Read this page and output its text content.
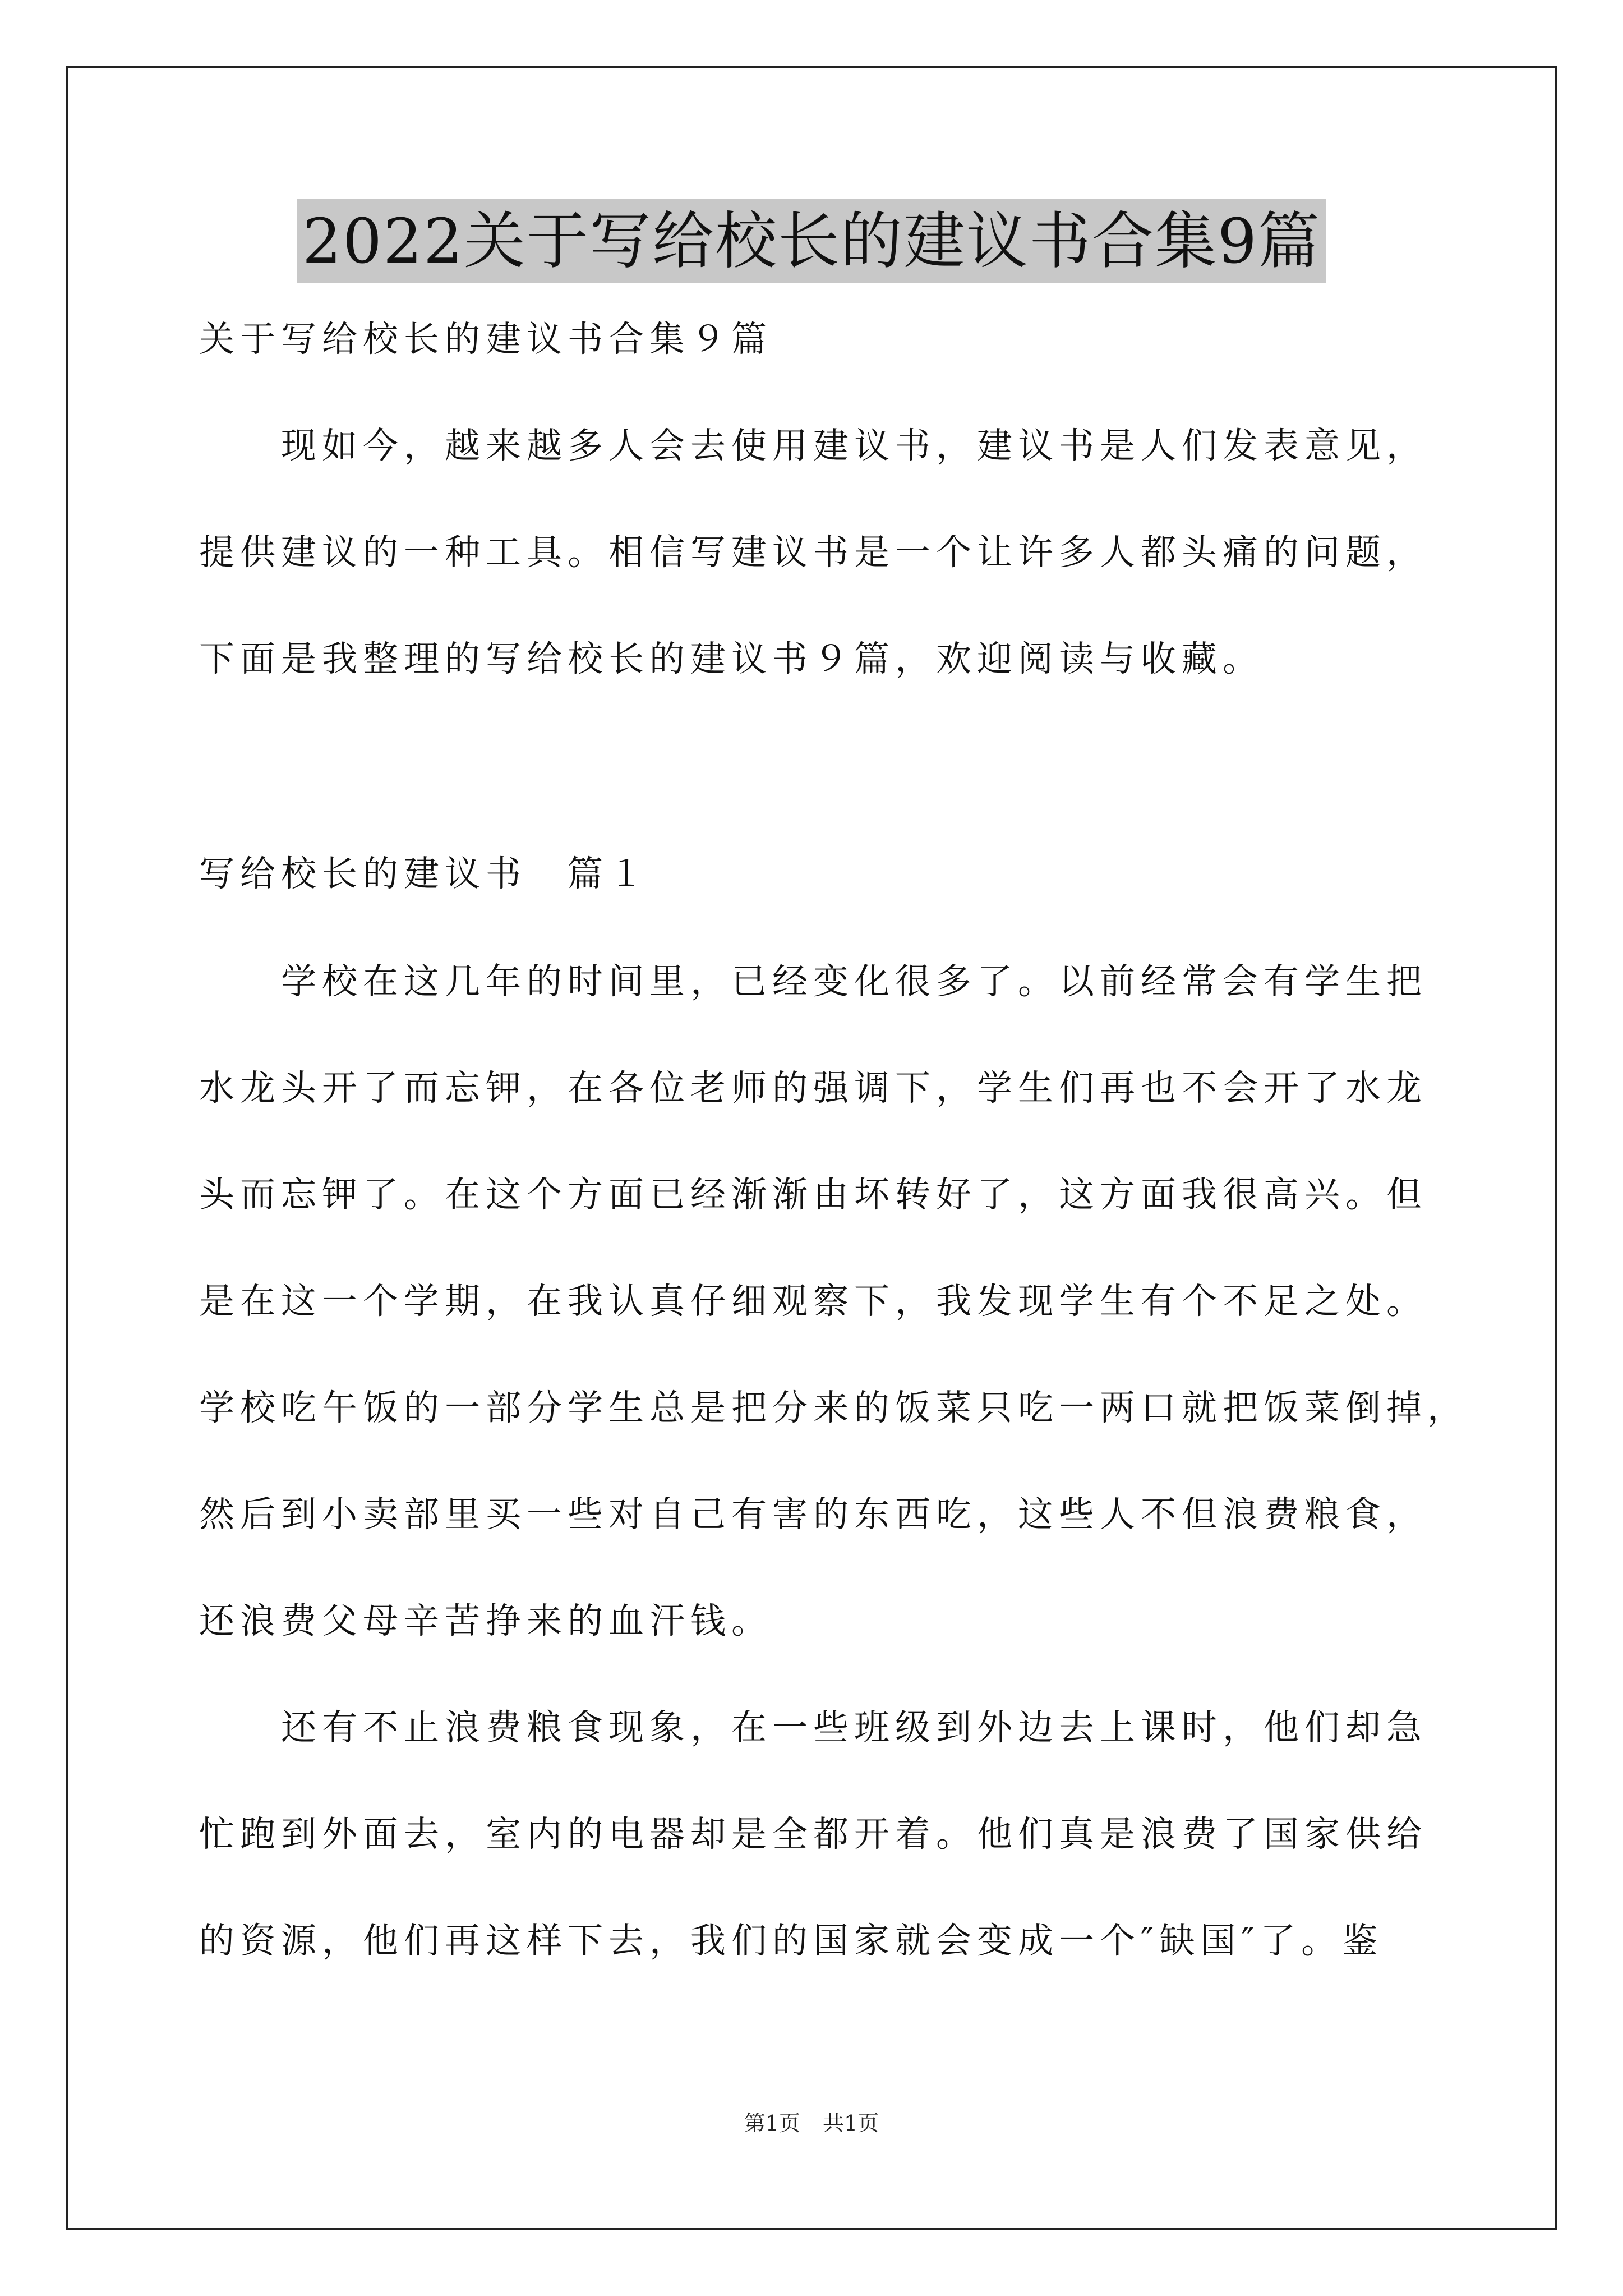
2022关于写给校长的建议书合集9篇
关于写给校长的建议书合集９篇
　　现如今，越来越多人会去使用建议书，建议书是人们发表意见，
提供建议的一种工具。相信写建议书是一个让许多人都头痛的问题，
下面是我整理的写给校长的建议书９篇，欢迎阅读与收藏。
写给校长的建议书　篇１
　　学校在这几年的时间里，已经变化很多了。以前经常会有学生把
水龙头开了而忘钾，在各位老师的强调下，学生们再也不会开了水龙
头而忘钾了。在这个方面已经渐渐由坏转好了，这方面我很高兴。但
是在这一个学期，在我认真仔细观察下，我发现学生有个不足之处。
学校吃午饭的一部分学生总是把分来的饭菜只吃一两口就把饭菜倒掉，
然后到小卖部里买一些对自己有害的东西吃，这些人不但浪费粮食，
还浪费父母辛苦挣来的血汗钱。
　　还有不止浪费粮食现象，在一些班级到外边去上课时，他们却急
忙跑到外面去，室内的电器却是全都开着。他们真是浪费了国家供给
的资源，他们再这样下去，我们的国家就会变成一个″缺国″了。鉴
第1页 共1页
